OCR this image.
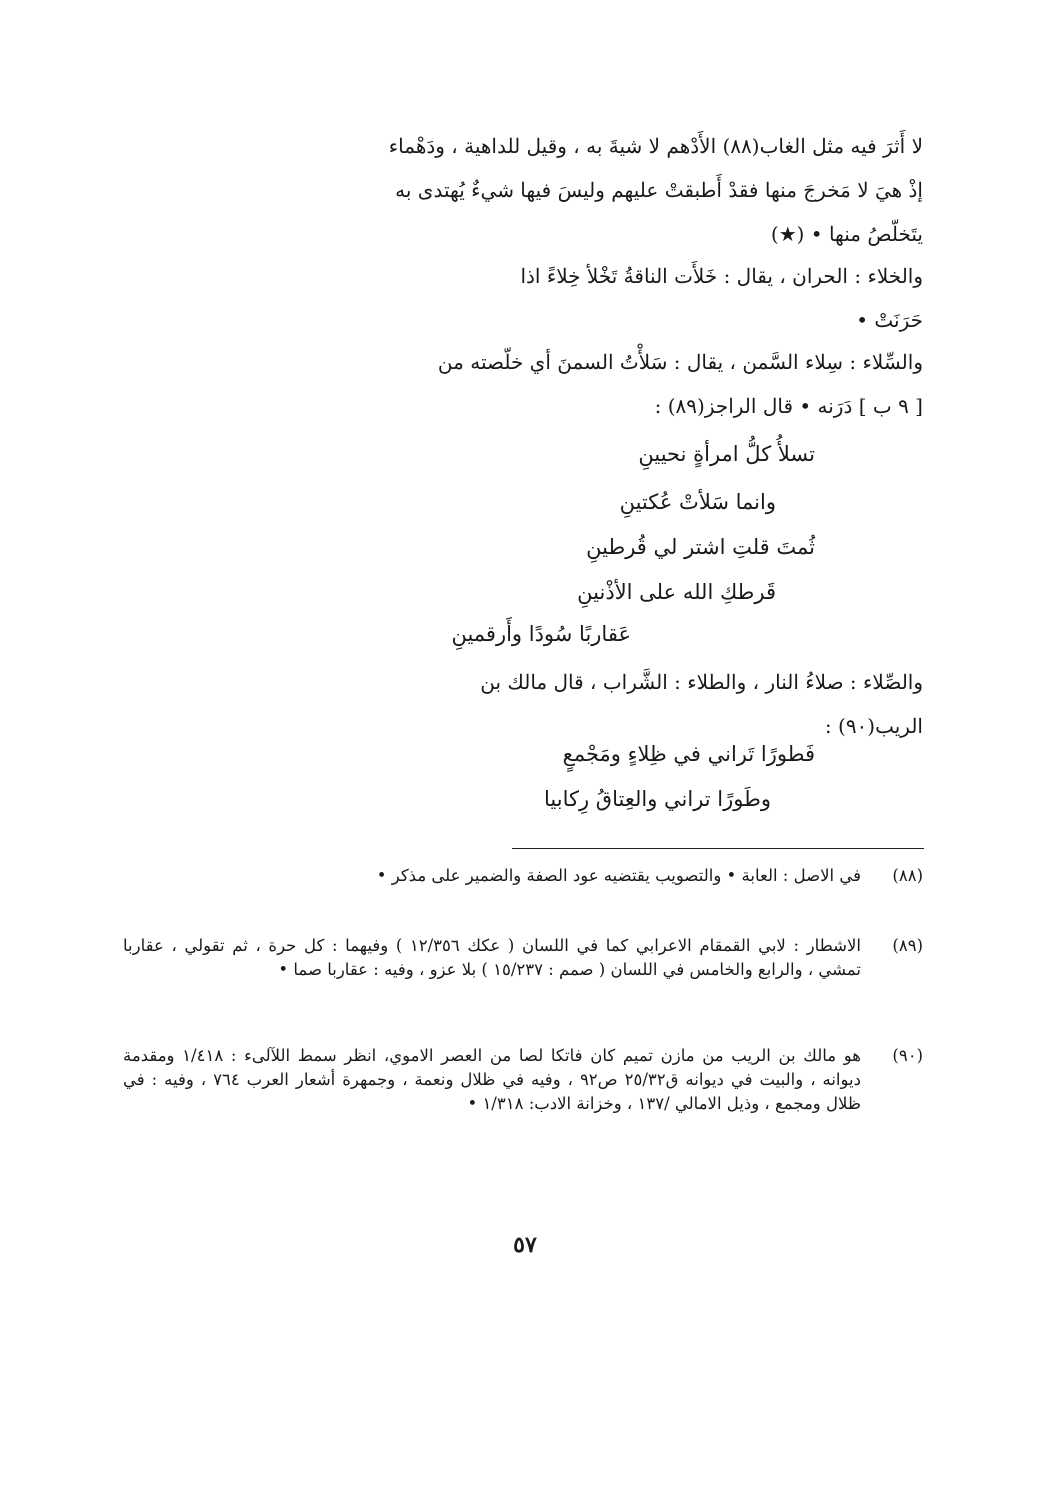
لا أَثرَ فيه مثل الغاب(٨٨) الأَدْهم لا شيةَ به ، وقيل للداهية ، ودَهْماء

إذْ هيَ لا مَخرجَ منها فقدْ أَطبقتْ عليهم وليسَ فيها شيءٌ يُهتدى به

يتَخلّصُ منها • (★)

والخلاء : الحران ، يقال : خَلأَت الناقةُ تَخْلأ خِلاءً اذا

حَرَنَتْ •

والسِّلاء : سِلاء السَّمن ، يقال : سَلأْتُ السمنَ أي خلّصته من

[ ٩ ب ] دَرَنه • قال الراجز(٨٩) :

تسلأُ كلُّ امرأةٍ نحيينِ
وانما سَلأتْ عُكتينِ
ثُمتَ قلتِ اشتر لي قُرطينِ
قَرطكِ الله على الأذْنينِ
عَقاربًا سُودًا وأَرقمينِ

والصِّلاء : صلاءُ النار ، والطلاء : الشَّراب ، قال مالك بن

الريب(٩٠) :

فَطورًا تَراني في ظِلاءٍ ومَجْمعٍ
وطَورًا تراني والعِتاقُ رِكابيا
(٨٨)
في الاصل : العابة • والتصويب يقتضيه عود الصفة والضمير على مذكر •
(٨٩)
الاشطار : لابي القمقام الاعرابي كما في اللسان ( عكك ١٢/٣٥٦ ) وفيهما : كل حرة ، ثم تقولي ، عقاربا تمشي ، والرابع والخامس في اللسان ( صمم : ١٥/٢٣٧ ) بلا عزو ، وفيه : عقاربا صما •
(٩٠)
هو مالك بن الريب من مازن تميم كان فاتكا لصا من العصر الاموي، انظر سمط اللآلىء : ١/٤١٨ ومقدمة ديوانه ، والبيت في ديوانه ق٢٥/٣٢ ص٩٢ ، وفيه في ظلال ونعمة ، وجمهرة أشعار العرب ٧٦٤ ، وفيه : في ظلال ومجمع ، وذيل الامالي /١٣٧ ، وخزانة الادب: ١/٣١٨ •
٥٧
